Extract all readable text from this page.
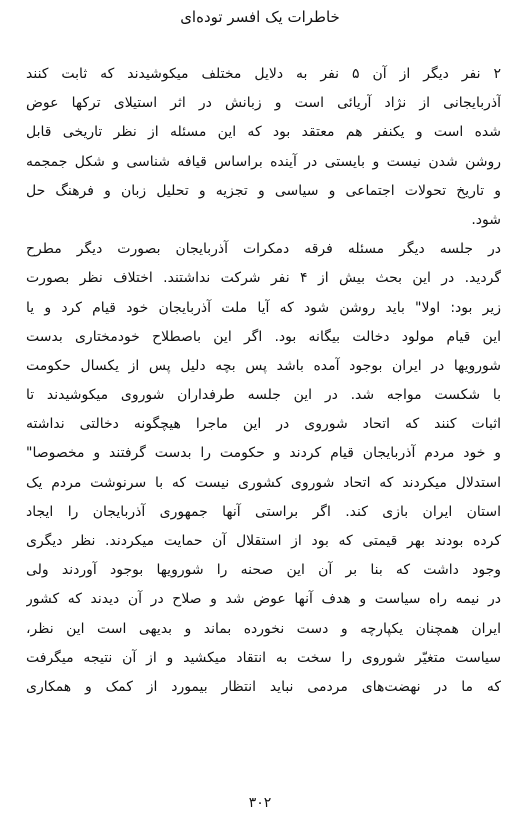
خاطرات یک افسر توده‌ای
۲ نفر دیگر از آن ۵ نفر به دلایل مختلف میکوشیدند که ثابت کنند
آذربایجانی از نژاد آریائی است و زبانش در اثر استیلای ترکها عوض
شده است و یکنفر هم معتقد بود که این مسئله از نظر تاریخی قابل
روشن شدن نیست و بایستی در آینده براساس قیافه شناسی و شکل جمجمه
و تاریخ تحولات اجتماعی و سیاسی و تجزیه و تحلیل زبان و فرهنگ حل
شود.
در جلسه دیگر مسئله فرقه دمکرات آذربایجان بصورت دیگر مطرح
گردید. در این بحث بیش از ۴ نفر شرکت نداشتند. اختلاف نظر بصورت
زیر بود: اولا" باید روشن شود که آیا ملت آذربایجان خود قیام کرد و یا
این قیام مولود دخالت بیگانه بود. اگر این باصطلاح خودمختاری بدست
شورویها در ایران بوجود آمده باشد پس بچه دلیل پس از یکسال حکومت
با شکست مواجه شد. در این جلسه طرفداران شوروی میکوشیدند تا
اثبات کنند که اتحاد شوروی در این ماجرا هیچگونه دخالتی نداشته
و خود مردم آذربایجان قیام کردند و حکومت را بدست گرفتند و مخصوصا"
استدلال میکردند که اتحاد شوروی کشوری نیست که با سرنوشت مردم یک
استان ایران بازی کند. اگر براستی آنها جمهوری آذربایجان را ایجاد
کرده بودند بهر قیمتی که بود از استقلال آن حمایت میکردند. نظر دیگری
وجود داشت که بنا بر آن این صحنه را شورویها بوجود آوردند ولی
در نیمه راه سیاست و هدف آنها عوض شد و صلاح در آن دیدند که کشور
ایران همچنان یکپارچه و دست نخورده بماند و بدیهی است این نظر،
سیاست متغیّر شوروی را سخت به انتقاد میکشید و از آن نتیجه میگرفت
که ما در نهضت‌های مردمی نباید انتظار بیمورد از کمک و همکاری
۳۰۲
